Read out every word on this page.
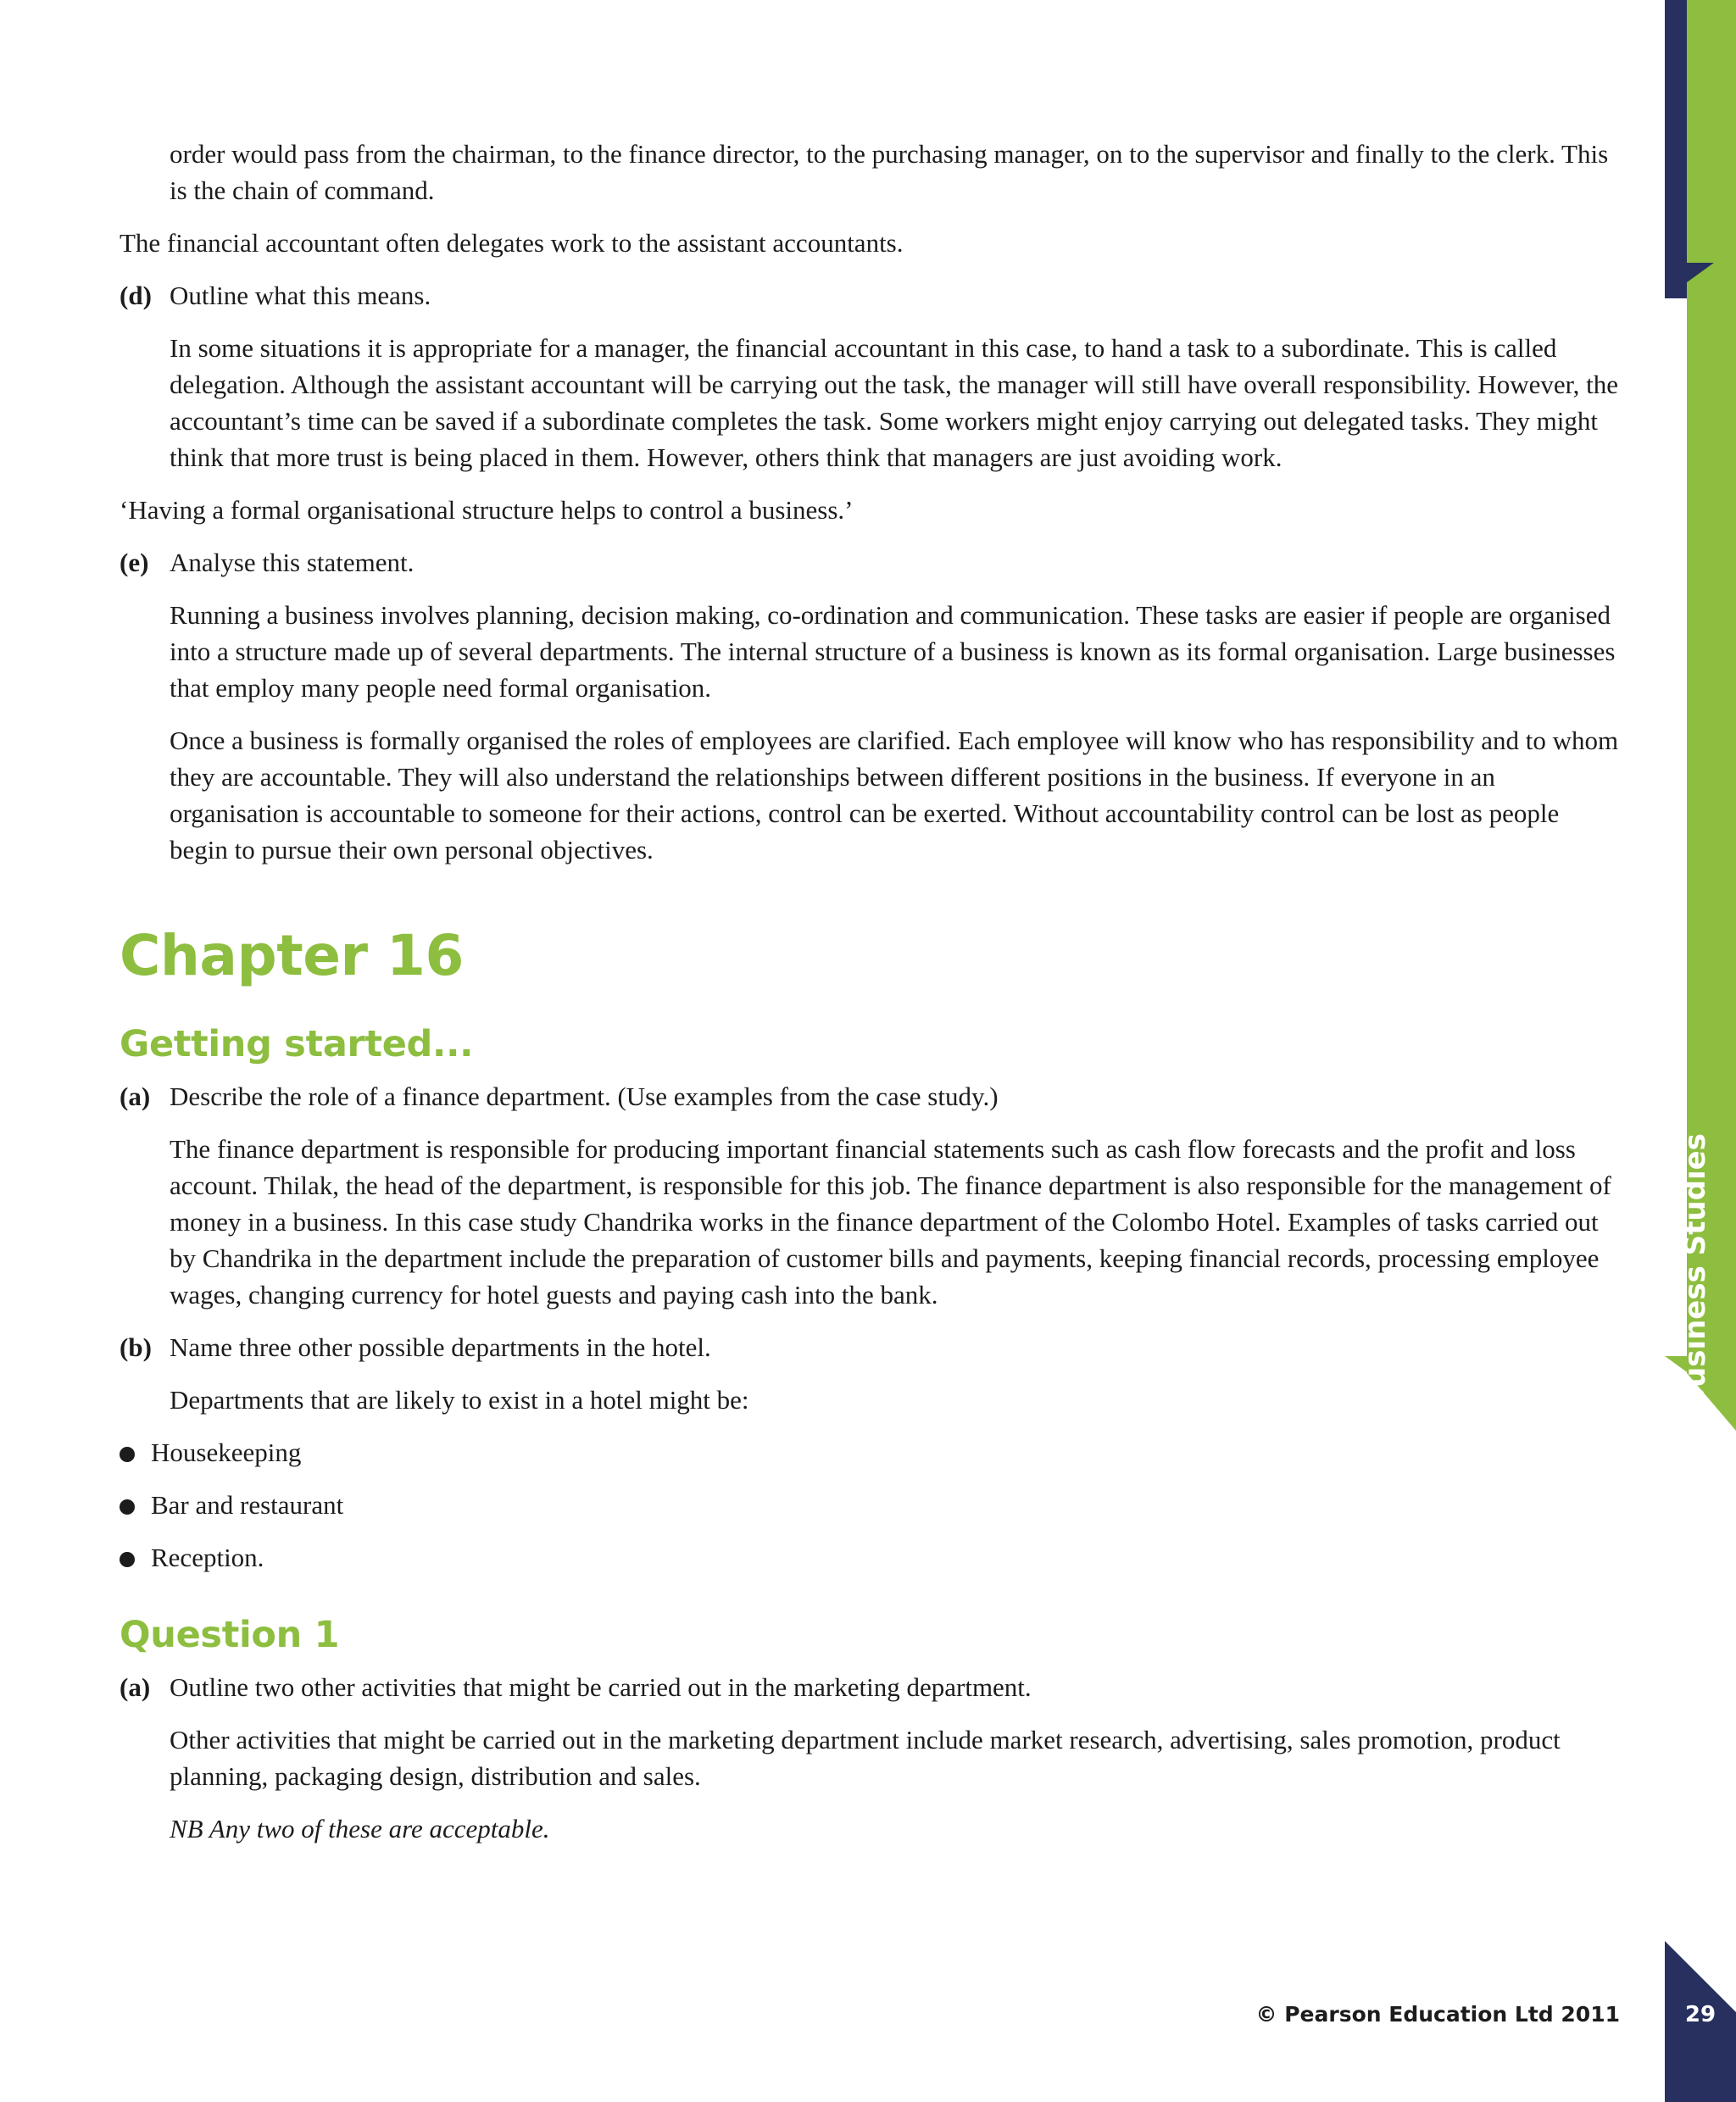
Business Studies

order would pass from the chairman, to the finance director, to the purchasing manager, on to the supervisor and finally to the clerk. This is the chain of command.

The financial accountant often delegates work to the assistant accountants.

(d) Outline what this means.

In some situations it is appropriate for a manager, the financial accountant in this case, to hand a task to a subordinate. This is called delegation. Although the assistant accountant will be carrying out the task, the manager will still have overall responsibility. However, the accountant’s time can be saved if a subordinate completes the task. Some workers might enjoy carrying out delegated tasks. They might think that more trust is being placed in them. However, others think that managers are just avoiding work.

‘Having a formal organisational structure helps to control a business.’

(e) Analyse this statement.

Running a business involves planning, decision making, co-ordination and communication. These tasks are easier if people are organised into a structure made up of several departments. The internal structure of a business is known as its formal organisation. Large businesses that employ many people need formal organisation.

Once a business is formally organised the roles of employees are clarified. Each employee will know who has responsibility and to whom they are accountable. They will also understand the relationships between different positions in the business. If everyone in an organisation is accountable to someone for their actions, control can be exerted. Without accountability control can be lost as people begin to pursue their own personal objectives.

Chapter 16
Getting started...
(a) Describe the role of a finance department. (Use examples from the case study.)

The finance department is responsible for producing important financial statements such as cash flow forecasts and the profit and loss account. Thilak, the head of the department, is responsible for this job. The finance department is also responsible for the management of money in a business. In this case study Chandrika works in the finance department of the Colombo Hotel. Examples of tasks carried out by Chandrika in the department include the preparation of customer bills and payments, keeping financial records, processing employee wages, changing currency for hotel guests and paying cash into the bank.

(b) Name three other possible departments in the hotel.

Departments that are likely to exist in a hotel might be:

Housekeeping
Bar and restaurant
Reception.
Question 1
(a) Outline two other activities that might be carried out in the marketing department.

Other activities that might be carried out in the marketing department include market research, advertising, sales promotion, product planning, packaging design, distribution and sales.

NB Any two of these are acceptable.

© Pearson Education Ltd 2011	29
